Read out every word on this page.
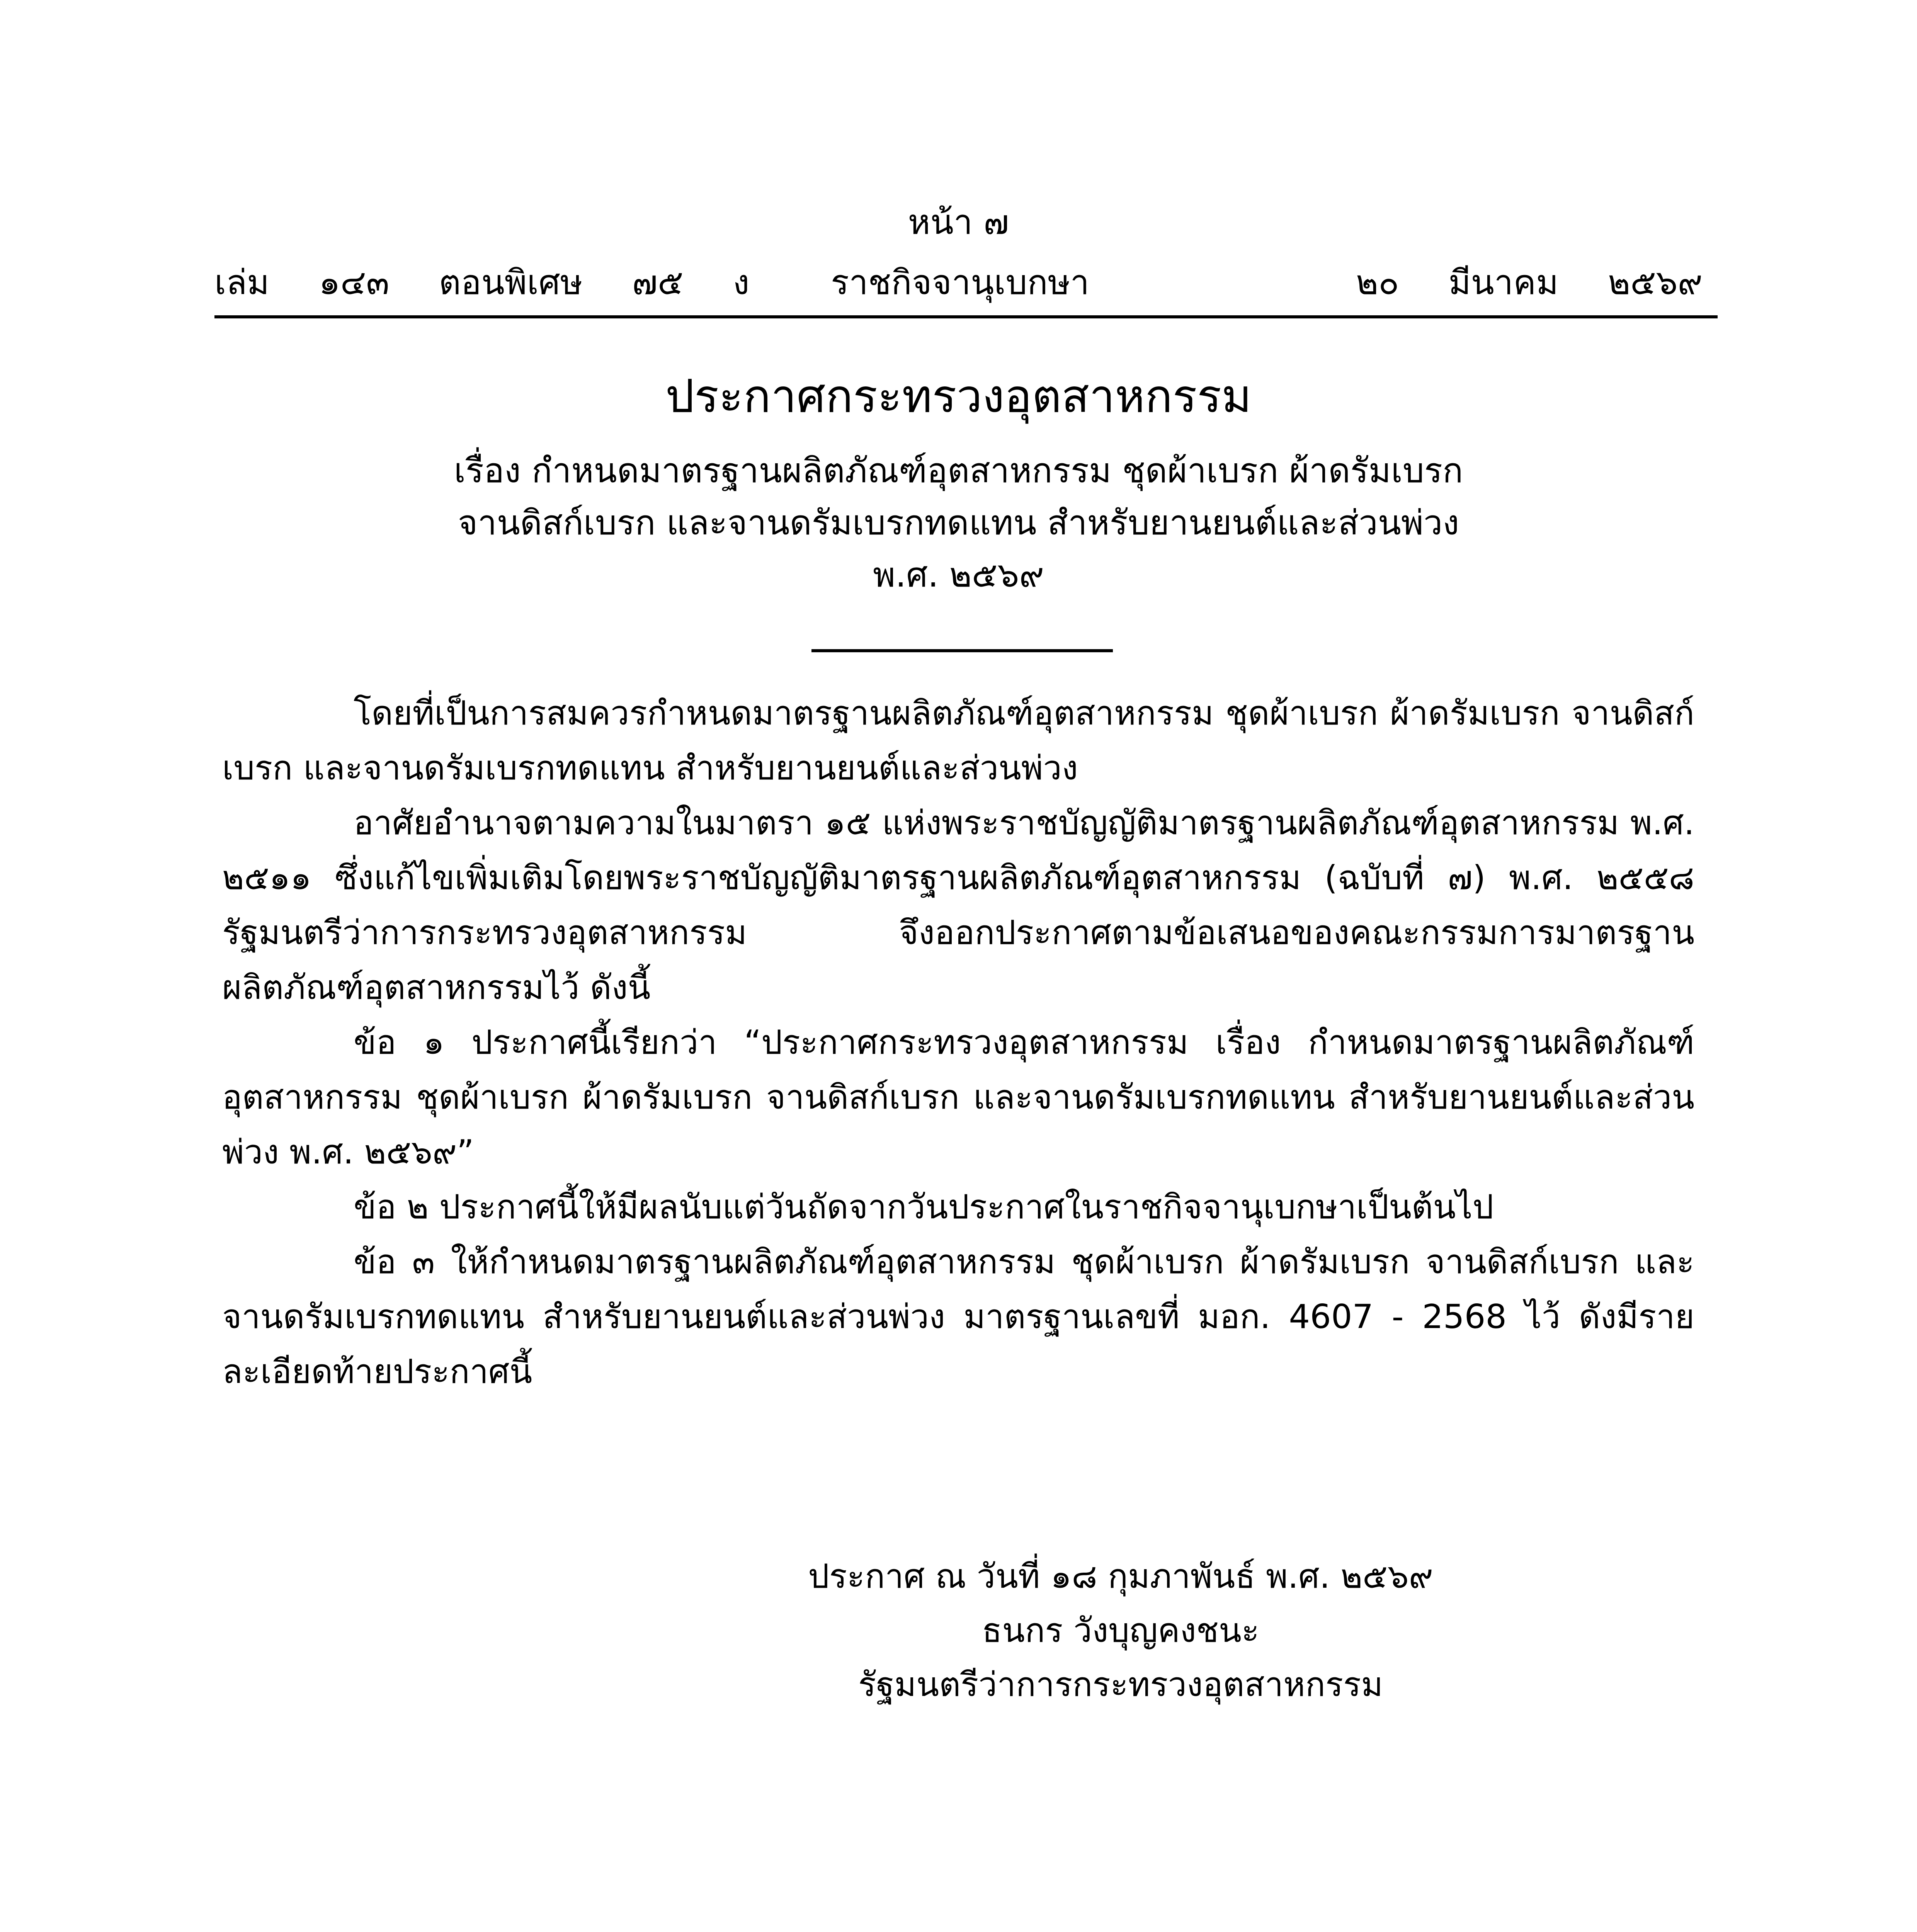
หน้า ๗
เล่ม ๑๔๓ ตอนพิเศษ ๗๕ ง ราชกิจจานุเบกษา	๒๐ มีนาคม ๒๕๖๙
ประกาศกระทรวงอุตสาหกรรม
เรื่อง กำหนดมาตรฐานผลิตภัณฑ์อุตสาหกรรม ชุดผ้าเบรก ผ้าดรัมเบรก
จานดิสก์เบรก และจานดรัมเบรกทดแทน สำหรับยานยนต์และส่วนพ่วง
พ.ศ. ๒๕๖๙

โดยที่เป็นการสมควรกำหนดมาตรฐานผลิตภัณฑ์อุตสาหกรรม ชุดผ้าเบรก ผ้าดรัมเบรก จานดิสก์เบรก และจานดรัมเบรกทดแทน สำหรับยานยนต์และส่วนพ่วง

อาศัยอำนาจตามความในมาตรา ๑๕ แห่งพระราชบัญญัติมาตรฐานผลิตภัณฑ์อุตสาหกรรม พ.ศ. ๒๕๑๑ ซึ่งแก้ไขเพิ่มเติมโดยพระราชบัญญัติมาตรฐานผลิตภัณฑ์อุตสาหกรรม (ฉบับที่ ๗) พ.ศ. ๒๕๕๘ รัฐมนตรีว่าการกระทรวงอุตสาหกรรม จึงออกประกาศตามข้อเสนอของคณะกรรมการมาตรฐานผลิตภัณฑ์อุตสาหกรรมไว้ ดังนี้

ข้อ ๑ ประกาศนี้เรียกว่า “ประกาศกระทรวงอุตสาหกรรม เรื่อง กำหนดมาตรฐานผลิตภัณฑ์อุตสาหกรรม ชุดผ้าเบรก ผ้าดรัมเบรก จานดิสก์เบรก และจานดรัมเบรกทดแทน สำหรับยานยนต์และส่วนพ่วง พ.ศ. ๒๕๖๙”

ข้อ ๒ ประกาศนี้ให้มีผลนับแต่วันถัดจากวันประกาศในราชกิจจานุเบกษาเป็นต้นไป

ข้อ ๓ ให้กำหนดมาตรฐานผลิตภัณฑ์อุตสาหกรรม ชุดผ้าเบรก ผ้าดรัมเบรก จานดิสก์เบรก และจานดรัมเบรกทดแทน สำหรับยานยนต์และส่วนพ่วง มาตรฐานเลขที่ มอก. 4607 - 2568 ไว้ ดังมีรายละเอียดท้ายประกาศนี้

ประกาศ ณ วันที่ ๑๘ กุมภาพันธ์ พ.ศ. ๒๕๖๙
ธนกร วังบุญคงชนะ
รัฐมนตรีว่าการกระทรวงอุตสาหกรรม
